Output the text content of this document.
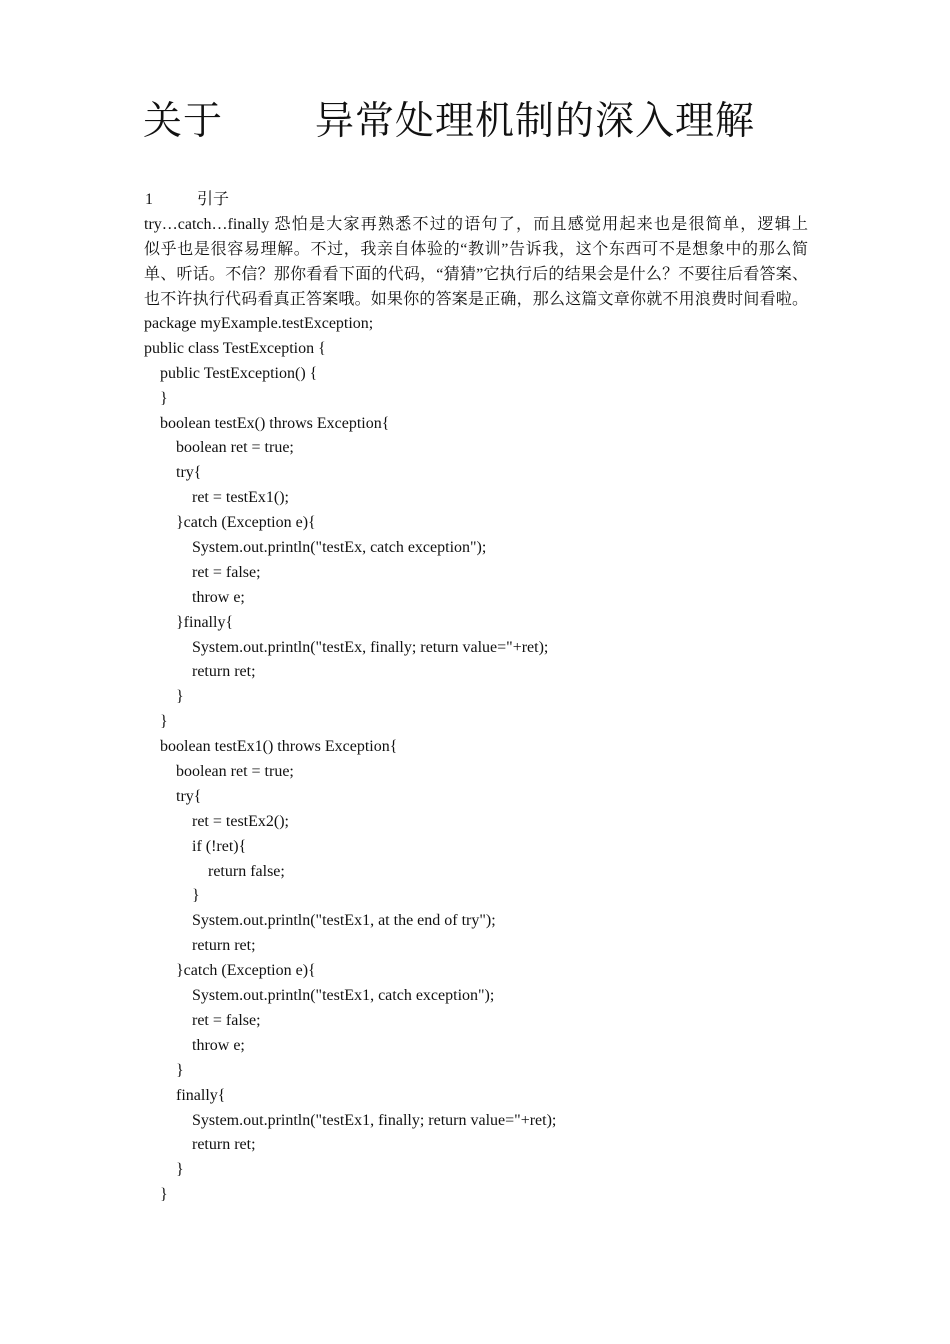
关于 异常处理机制的深入理解
1	引子
try…catch…finally 恐怕是大家再熟悉不过的语句了，而且感觉用起来也是很简单，逻辑上
似乎也是很容易理解。不过，我亲自体验的“教训”告诉我，这个东西可不是想象中的那么简
单、听话。不信？那你看看下面的代码，“猜猜”它执行后的结果会是什么？不要往后看答案、
也不许执行代码看真正答案哦。如果你的答案是正确，那么这篇文章你就不用浪费时间看啦。
package myExample.testException;
public class TestException {
public TestException() {
}
boolean testEx() throws Exception{
boolean ret = true;
try{
ret = testEx1();
}catch (Exception e){
System.out.println("testEx, catch exception");
ret = false;
throw e;
}finally{
System.out.println("testEx, finally; return value="+ret);
return ret;
}
}
boolean testEx1() throws Exception{
boolean ret = true;
try{
ret = testEx2();
if (!ret){
return false;
}
System.out.println("testEx1, at the end of try");
return ret;
}catch (Exception e){
System.out.println("testEx1, catch exception");
ret = false;
throw e;
}
finally{
System.out.println("testEx1, finally; return value="+ret);
return ret;
}
}
